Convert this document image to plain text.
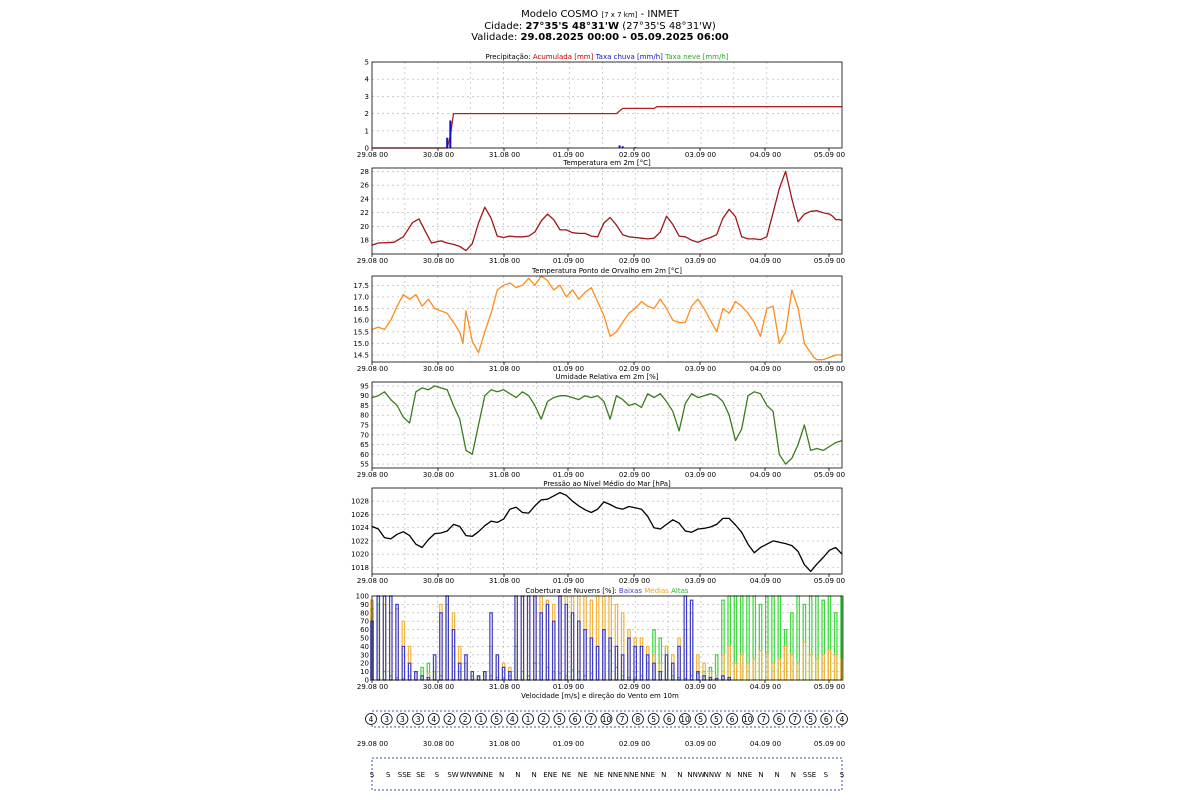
Modelo COSMO [7 x 7 km] - INMET
Cidade: 27°35'S 48°31'W (27°35'S 48°31'W)
Validade: 29.08.2025 00:00 - 05.09.2025 06:00
0
1
2
3
4
5
29.08 00	30.08 00	31.08 00	01.09 00	02.09 00	03.09 00	04.09 00	05.09 00
Precipitação: Acumulada [mm] Taxa chuva [mm/h] Taxa neve [mm/h]
18
20
22
24
26
28
29.08 00	30.08 00	31.08 00	01.09 00	02.09 00	03.09 00	04.09 00	05.09 00
Temperatura em 2m [°C]
14.5
15.0
15.5
16.0
16.5
17.0
17.5
29.08 00	30.08 00	31.08 00	01.09 00	02.09 00	03.09 00	04.09 00	05.09 00
Temperatura Ponto de Orvalho em 2m [°C]
55
60
65
70
75
80
85
90
95
29.08 00	30.08 00	31.08 00	01.09 00	02.09 00	03.09 00	04.09 00	05.09 00
Umidade Relativa em 2m [%]
1018
1020
1022
1024
1026
1028
29.08 00	30.08 00	31.08 00	01.09 00	02.09 00	03.09 00	04.09 00	05.09 00
Pressão ao Nível Médio do Mar [hPa]
0
10
20
30
40
50
60
70
80
90
100
29.08 00	30.08 00	31.08 00	01.09 00	02.09 00	03.09 00	04.09 00	05.09 00
Cobertura de Nuvens [%]: Baixas Médias Altas
Velocidade [m/s] e direção do Vento em 10m
4 3 3 3 4 2 2 1 5 4 1 2 5 6 7 10 7 8 5 6 10 5 5 6 10 7 6 7 5 6 4
29.08 00	30.08 00	31.08 00	01.09 00	02.09 00	03.09 00	04.09 00	05.09 00
S S SSE SE S SW WNW NNE N N N ENE NE NE NE NNE NNE NNE N N NNW
NNW N NNE N N N SSE S S
